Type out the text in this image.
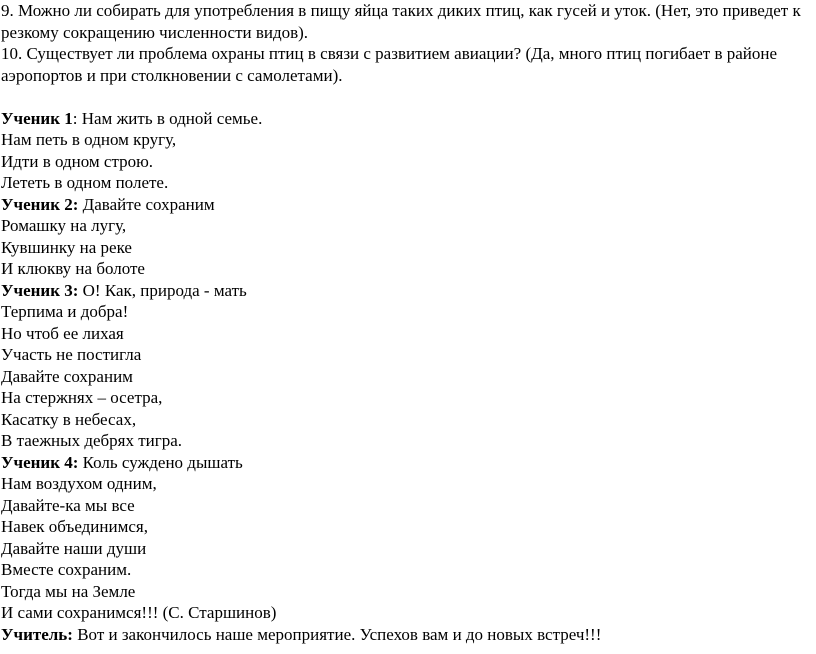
9. Можно ли собирать для употребления в пищу яйца таких диких птиц, как гусей и уток. (Нет, это приведет к резкому сокращению численности видов).

10. Существует ли проблема охраны птиц в связи с развитием авиации? (Да, много птиц погибает в районе аэропортов и при столкновении с самолетами).

Ученик 1: Нам жить в одной семье.
Нам петь в одном кругу,
Идти в одном строю.
Лететь в одном полете.
Ученик 2: Давайте сохраним
Ромашку на лугу,
Кувшинку на реке
И клюкву на болоте
Ученик 3: О! Как, природа - мать
Терпима и добра!
Но чтоб ее лихая
Участь не постигла
Давайте сохраним
На стержнях – осетра,
Касатку в небесах,
В таежных дебрях тигра.
Ученик 4: Коль суждено дышать
Нам воздухом одним,
Давайте-ка мы все
Навек объединимся,
Давайте наши души
Вместе сохраним.
Тогда мы на Земле
И сами сохранимся!!! (С. Старшинов)
Учитель: Вот и закончилось наше мероприятие. Успехов вам и до новых встреч!!!
